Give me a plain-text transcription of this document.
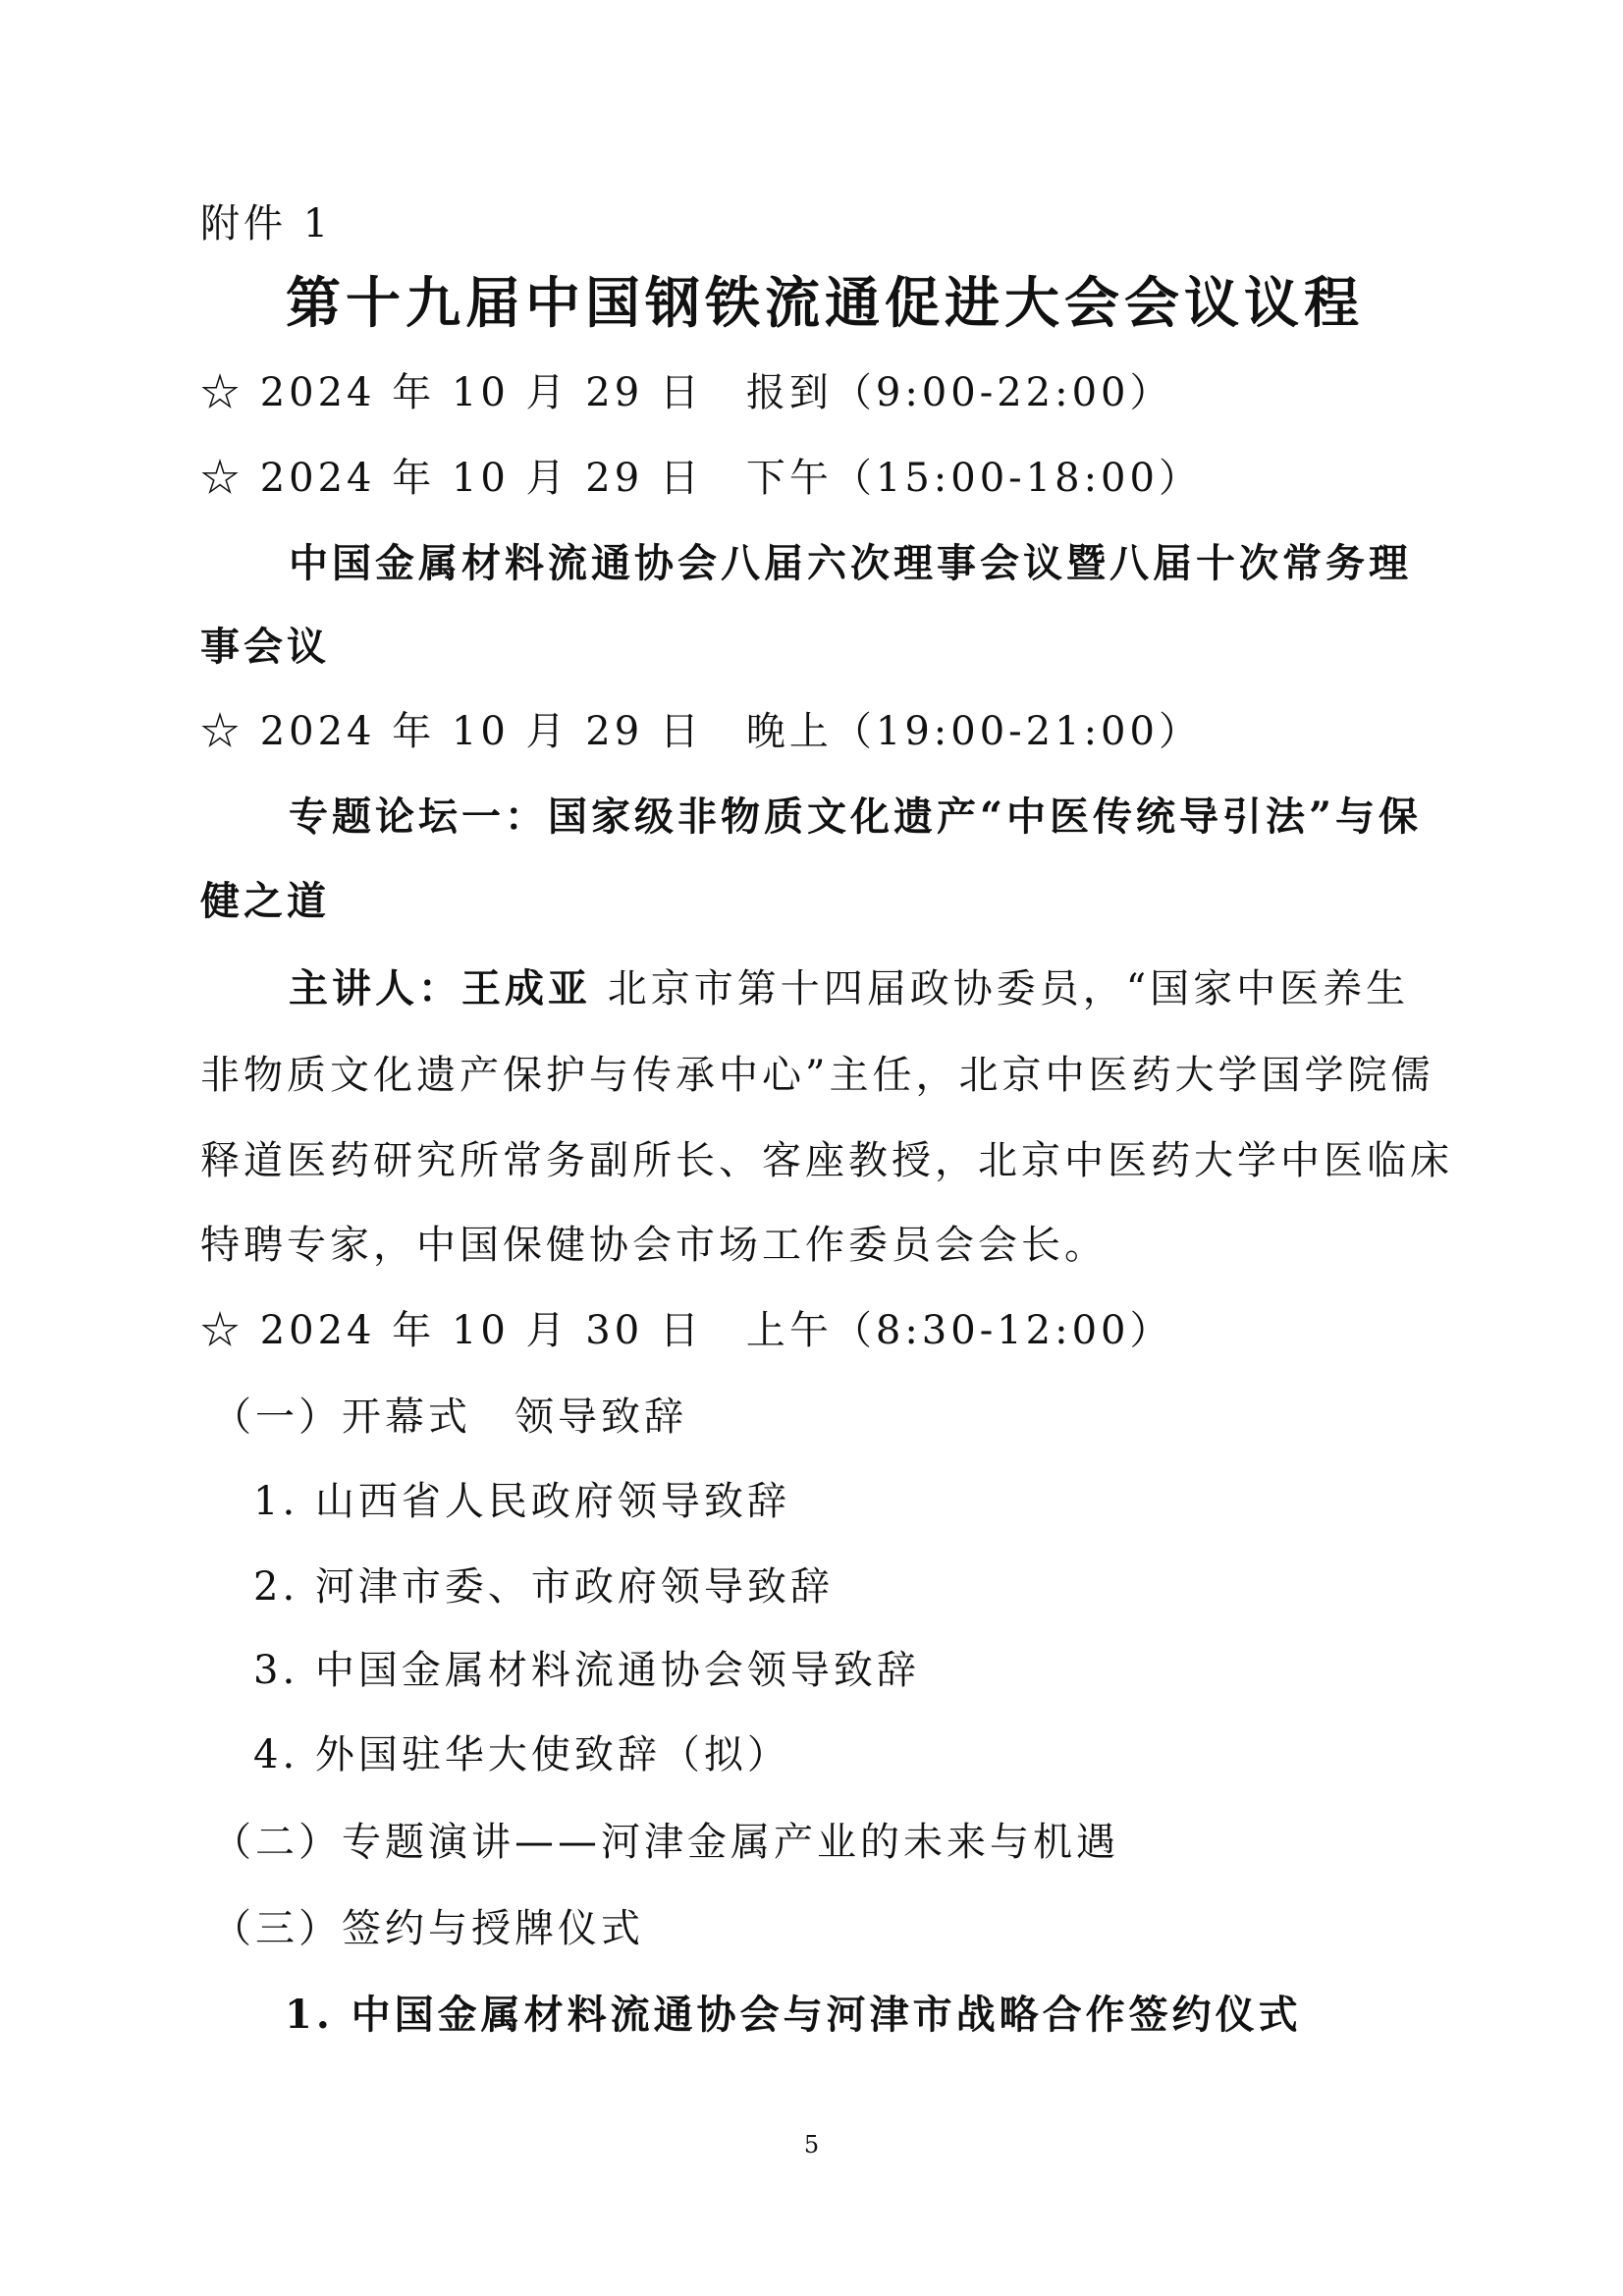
附件 1
第十九届中国钢铁流通促进大会会议议程
☆ 2024 年 10 月 29 日　报到（9:00-22:00）
☆ 2024 年 10 月 29 日　下午（15:00-18:00）
中国金属材料流通协会八届六次理事会议暨八届十次常务理
事会议
☆ 2024 年 10 月 29 日　晚上（19:00-21:00）
专题论坛一：国家级非物质文化遗产“中医传统导引法”与保
健之道
主讲人：王成亚 北京市第十四届政协委员，“国家中医养生
非物质文化遗产保护与传承中心”主任，北京中医药大学国学院儒
释道医药研究所常务副所长、客座教授，北京中医药大学中医临床
特聘专家，中国保健协会市场工作委员会会长。
☆ 2024 年 10 月 30 日　上午（8:30-12:00）
（一）开幕式　领导致辞
1. 山西省人民政府领导致辞
2. 河津市委、市政府领导致辞
3. 中国金属材料流通协会领导致辞
4. 外国驻华大使致辞（拟）
（二）专题演讲——河津金属产业的未来与机遇
（三）签约与授牌仪式
1. 中国金属材料流通协会与河津市战略合作签约仪式
5
